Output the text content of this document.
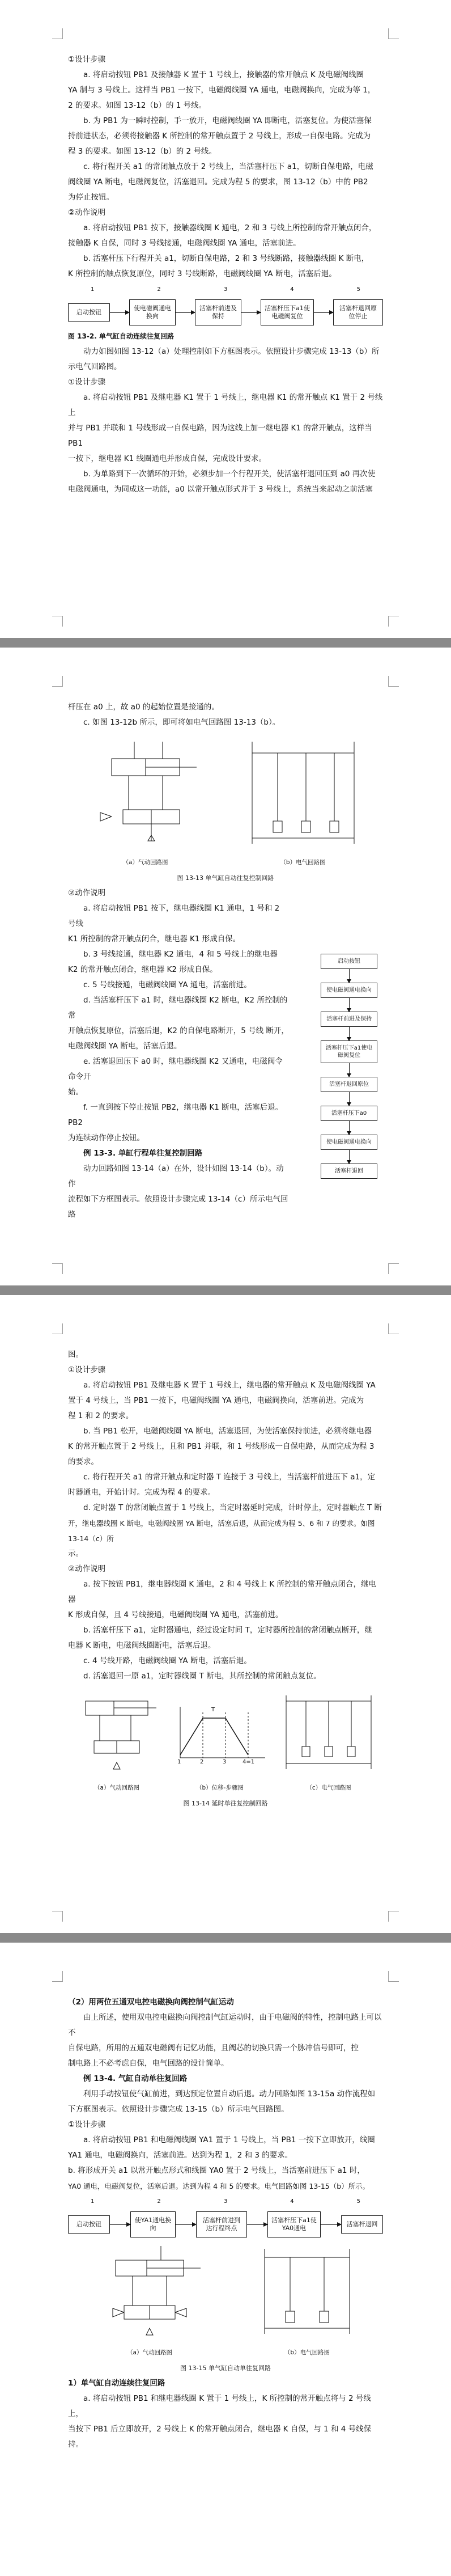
①设计步骤

a. 将启动按钮 PB1 及接触器 K 置于 1 号线上，接触器的常开触点 K 及电磁阀线圈

YA 制与 3 号线上。这样当 PB1 一按下，电磁阀线圈 YA 通电，电磁阀换向，完成为等 1，

2 的要求。如图 13-12（b）的 1 号线。

b. 为 PB1 为一瞬时控制，手一放开，电磁阀线圈 YA 即断电，活塞复位。为使活塞保

持前进状态，必须将接触器 K 所控制的常开触点置于 2 号线上，形成一自保电路。完成为

程 3 的要求。如图 13-12（b）的 2 号线。

c. 将行程开关 a1 的常闭触点放于 2 号线上，当活塞杆压下 a1，切断自保电路，电磁

阀线圈 YA 断电，电磁阀复位，活塞退回。完成为程 5 的要求，图 13-12（b）中的 PB2

为停止按钮。

②动作说明

a. 将启动按钮 PB1 按下，接触器线圈 K 通电，2 和 3 号线上所控制的常开触点闭合，

接触器 K 自保，同时 3 号线接通，电磁阀线圈 YA 通电，活塞前进。

b. 活塞杆压下行程开关 a1，切断自保电路，2 和 3 号线断路，接触器线圈 K 断电，

K 所控制的触点恢复原位，同时 3 号线断路，电磁阀线圈 YA 断电，活塞后退。

1	2	3	4	5
启动按钮
使电磁阀通电换向
活塞杆前进及保持
活塞杆压下a1使电磁阀复位
活塞杆退回原位停止

图 13-2. 单气缸自动连续往复回路

动力如图如图 13-12（a）处理控制如下方框图表示。依照设计步骤完成 13-13（b）所

示电气回路图。

①设计步骤

a. 将启动按钮 PB1 及继电器 K1 置于 1 号线上，继电器 K1 的常开触点 K1 置于 2 号线上

并与 PB1 并联和 1 号线形成一自保电路，因为这线上加一继电器 K1 的常开触点，这样当 PB1

一按下，继电器 K1 线圈通电并形成自保，完成设计要求。

b. 为单路到下一次循环的开始，必须步加一个行程开关，使活塞杆退回压到 a0 再次使

电磁阀通电，为同成这一功能，a0 以常开触点形式并于 3 号线上，系统当来起动之前活塞

杆压在 a0 上，故 a0 的起始位置是接通的。

c. 如图 13-12b 所示，即可将如电气回路图 13-13（b）。

（a）气动回路图	（b）电气回路图

图 13-13 单气缸自动往复控制回路

②动作说明

a. 将启动按钮 PB1 按下，继电器线圈 K1 通电，1 号和 2 号线

K1 所控制的常开触点闭合，继电器 K1 形成自保。

b. 3 号线接通，继电器 K2 通电，4 和 5 号线上的继电器

K2 的常开触点闭合，继电器 K2 形成自保。

c. 5 号线接通，电磁阀线圈 YA 通电，活塞前进。

d. 当活塞杆压下 a1 时，继电器线圈 K2 断电，K2 所控制的常

开触点恢复原位，活塞后退，K2 的自保电路断开，5 号线 断开，

电磁阀线圈 YA 断电，活塞后退。

e. 活塞退回压下 a0 时，继电器线圈 K2 又通电，电磁阀令命令开

始。

f. 一直到按下停止按钮 PB2，继电器 K1 断电，活塞后退。PB2

为连续动作停止按钮。

例 13-3. 单缸行程单往复控制回路

动力回路如图 13-14（a）在外，设计如图 13-14（b）。动作

流程如下方框图表示。依照设计步骤完成 13-14（c）所示电气回路

启动按钮
使电磁阀通电换向
活塞杆前进及保持
活塞杆压下a1使电磁阀复位
活塞杆退回原位
活塞杆压下a0
使电磁阀通电换向
活塞杆退回

图。

①设计步骤

a. 将启动按钮 PB1 及继电器 K 置于 1 号线上，继电器的常开触点 K 及电磁阀线圈 YA

置于 4 号线上，当 PB1 一按下，电磁阀线圈 YA 通电，电磁阀换向，活塞前进。完成为

程 1 和 2 的要求。

b. 当 PB1 松开，电磁阀线圈 YA 断电，活塞退回，为使活塞保持前进，必须将继电器

K 的常开触点置于 2 号线上，且和 PB1 并联，和 1 号线形成一自保电路，从而完成为程 3

的要求。

c. 将行程开关 a1 的常开触点和定时器 T 连接于 3 号线上，当活塞杆前进压下 a1，定

时器通电，开始计时。完成为程 4 的要求。

d. 定时器 T 的常闭触点置于 1 号线上，当定时器延时完成，计时停止，定时器触点 T 断

开，继电器线圈 K 断电，电磁阀线圈 YA 断电，活塞后退，从而完成为程 5、6 和 7 的要求。如图 13-14（c）所

示。

②动作说明

a. 按下按钮 PB1，继电器线圈 K 通电，2 和 4 号线上 K 所控制的常开触点闭合，继电器

K 形成自保，且 4 号线接通，电磁阀线圈 YA 通电，活塞前进。

b. 活塞杆压下 a1，定时器通电，经过设定时间 T，定时器所控制的常闭触点断开，继

电器 K 断电，电磁阀线圈断电，活塞后退。

c. 4 号线开路，电磁阀线圈 YA 断电，活塞后退。

d. 活塞退回一原 a1，定时器线圈 T 断电，其所控制的常闭触点复位。

（a）气动回路图
1	2	3	4=1
T
（b）位移-步骤图	（c）电气回路图

图 13-14 延时单往复控制回路

（2）用两位五通双电控电磁换向阀控制气缸运动

由上所述，使用双电控电磁换向阀控制气缸运动时，由于电磁阀的特性，控制电路上可以不

自保电路，所用的五通双电磁阀有记忆功能，且阀芯的切换只需一个脉冲信号即可，控

制电路上不必考虑自保，电气回路的设计简单。

例 13-4. 气缸自动单往复回路

利用手动按钮使气缸前进，到达预定位置自动后退。动力回路如图 13-15a 动作流程如

下方框图表示。依照设计步骤完成 13-15（b）所示电气回路图。

①设计步骤

a. 将启动按钮 PB1 和电磁阀线圈 YA1 置于 1 号线上，当 PB1 一按下立即放开，线圈

YA1 通电，电磁阀换向，活塞前进。达到为程 1，2 和 3 的要求。

b. 将形成开关 a1 以常开触点形式和线圈 YA0 置于 2 号线上，当活塞前进压下 a1 时，

YA0 通电，电磁阀复位，活塞后退。达到为程 4 和 5 的要求。电气回路如图 13-15（b）所示。

1	2	3	4	5
启动按钮
使YA1通电换向
活塞杆前进到达行程终点
活塞杆压下a1使YA0通电
活塞杆退回
（a）气动回路图	（b）电气回路图

图 13-15 单气缸自动单往复回路

1）单气缸自动连续往复回路

a. 将启动按钮 PB1 和继电器线圈 K 置于 1 号线上，K 所控制的常开触点将与 2 号线上，

当按下 PB1 后立即放开，2 号线上 K 的常开触点闭合，继电器 K 自保，与 1 和 4 号线保持。
